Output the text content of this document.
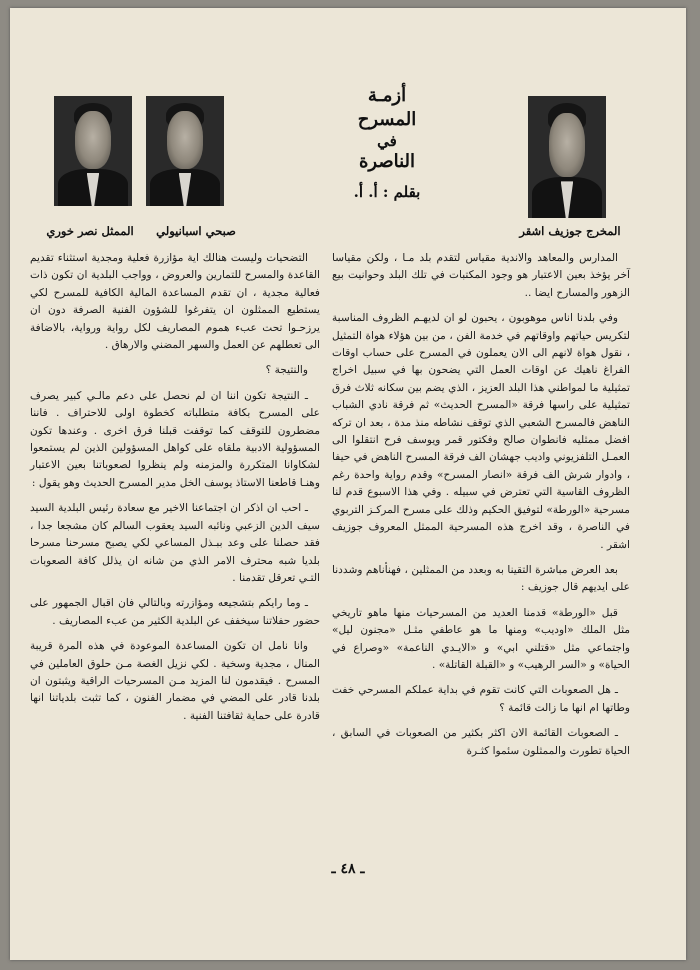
صبحي اسبانيولي
الممثل نصر خوري	المخرج جوزيف اشقر
أزمـة
المسرح
في
الناصرة
بقلم : أ. أ.

المدارس والمعاهد والاندية مقياس لتقدم بلد مـا ، ولكن مقياسا آخر يؤخذ بعين الاعتبار هو وجود المكتبات في تلك البلد وحوانيت بيع الزهور والمسارح ايضا ..

وفي بلدنا اناس موهوبون ، يحبون لو ان لديهـم الظروف المناسبة لتكريس حياتهم واوقاتهم في خدمة الفن ، من بين هؤلاء هواة التمثيل ، نقول هواة لانهم الى الان يعملون في المسرح على حساب اوقات الفراغ ناهيك عن اوقات العمل التي يضحون بها في سبيل اخراج تمثيلية ما لمواطني هذا البلد العزيز ، الذي يضم بين سكانه ثلاث فرق تمثيلية على راسها فرقة «المسرح الحديث» ثم فرقة نادي الشباب الناهض فالمسرح الشعبي الذي توقف نشاطه منذ مدة ، بعد ان تركه افضل ممثليه فانطوان صالح وفكتور قمر ويوسف فرح انتقلوا الى العمـل التلفزيوني واديب جهشان الف فرقة المسرح الناهض في حيفا ، وادوار شرش الف فرقة «انصار المسرح» وقدم رواية واحدة رغم الظروف القاسية التي تعترض في سبيله . وفي هذا الاسبوع قدم لنا مسرحية «الورطة» لتوفيق الحكيم وذلك على مسرح المركـز التربوي في الناصرة ، وقد اخرج هذه المسرحية الممثل المعروف جوزيف اشقر .

بعد العرض مباشرة التقينا به وبعدد من الممثلين ، فهنأناهم وشددنا على ايديهم قال جوزيف :

قبل «الورطة» قدمنا العديد من المسرحيات منها ماهو تاريخي مثل الملك «اوديب» ومنها ما هو عاطفي مثـل «مجنون ليل» واجتماعي مثل «قتلني ابي» و «الايـدي الناعمة» «وصراع في الحياة» و «السر الرهيب» و «القبلة القاتلة» .

ـ هل الصعوبات التي كانت تقوم في بداية عملكم المسرحي خفت وطاتها ام انها ما زالت قائمة ؟

ـ الصعوبات القائمة الان اكثر بكثير من الصعوبات في السابق ، الحياة تطورت والممثلون سئموا كثـرة

التضحيات وليست هنالك اية مؤازرة فعلية ومجدية استثناء تقديم القاعدة والمسرح للتمارين والعروض ، وواجب البلدية ان تكون ذات فعالية مجدية ، ان تقدم المساعدة المالية الكافية للمسرح لكي يستطيع الممثلون ان يتفرغوا للشؤون الفنية الصرفة دون ان يرزحـوا تحت عبء هموم المصاريف لكل رواية ورواية، بالاضافة الى تعطلهم عن العمل والسهر المضني والارهاق .

والنتيجة ؟

ـ النتيجة تكون اننا ان لم نحصل على دعم مالـي كبير يصرف على المسرح بكافة متطلباته كخطوة اولى للاحتراف . فاننا مضطرون للتوقف كما توقفت قبلنا فرق اخرى . وعندها تكون المسؤولية الادبية ملقاه على كواهل المسؤولين الذين لم يستمعوا لشكاوانا المتكررة والمزمنه ولم ينظروا لصعوباتنا بعين الاعتبار وهنـا قاطعنا الاستاذ يوسف الخل مدير المسرح الحديث وهو يقول :

ـ احب ان اذكر ان اجتماعنا الاخير مع سعادة رئيس البلدية السيد سيف الدين الزعبي ونائبه السيد يعقوب السالم كان مشجعا جدا ، فقد حصلنا على وعد ببـذل المساعي لكي يصبح مسرحنا مسرحا بلديا شبه محترف الامر الذي من شانه ان يذلل كافة الصعوبات التـي تعرقل تقدمنا .

ـ وما رايكم بتشجيعه ومؤازرته وبالتالي فان اقبال الجمهور على حضور حفلاتنا سيخفف عن البلدية الكثير من عبء المصاريف .

وانا نامل ان تكون المساعدة الموعودة في هذه المرة قريبة المنال ، مجدية وسخية . لكي نزيل الغصة مـن حلوق العاملين في المسرح . فيقدمون لنا المزيد مـن المسرحيات الراقية ويثبتون ان بلدنا قادر على المضي في مضمار الفنون ، كما تثبت بلدياتنا انها قادرة على حماية ثقافتنا الفنية .

ـ ٤٨ ـ
